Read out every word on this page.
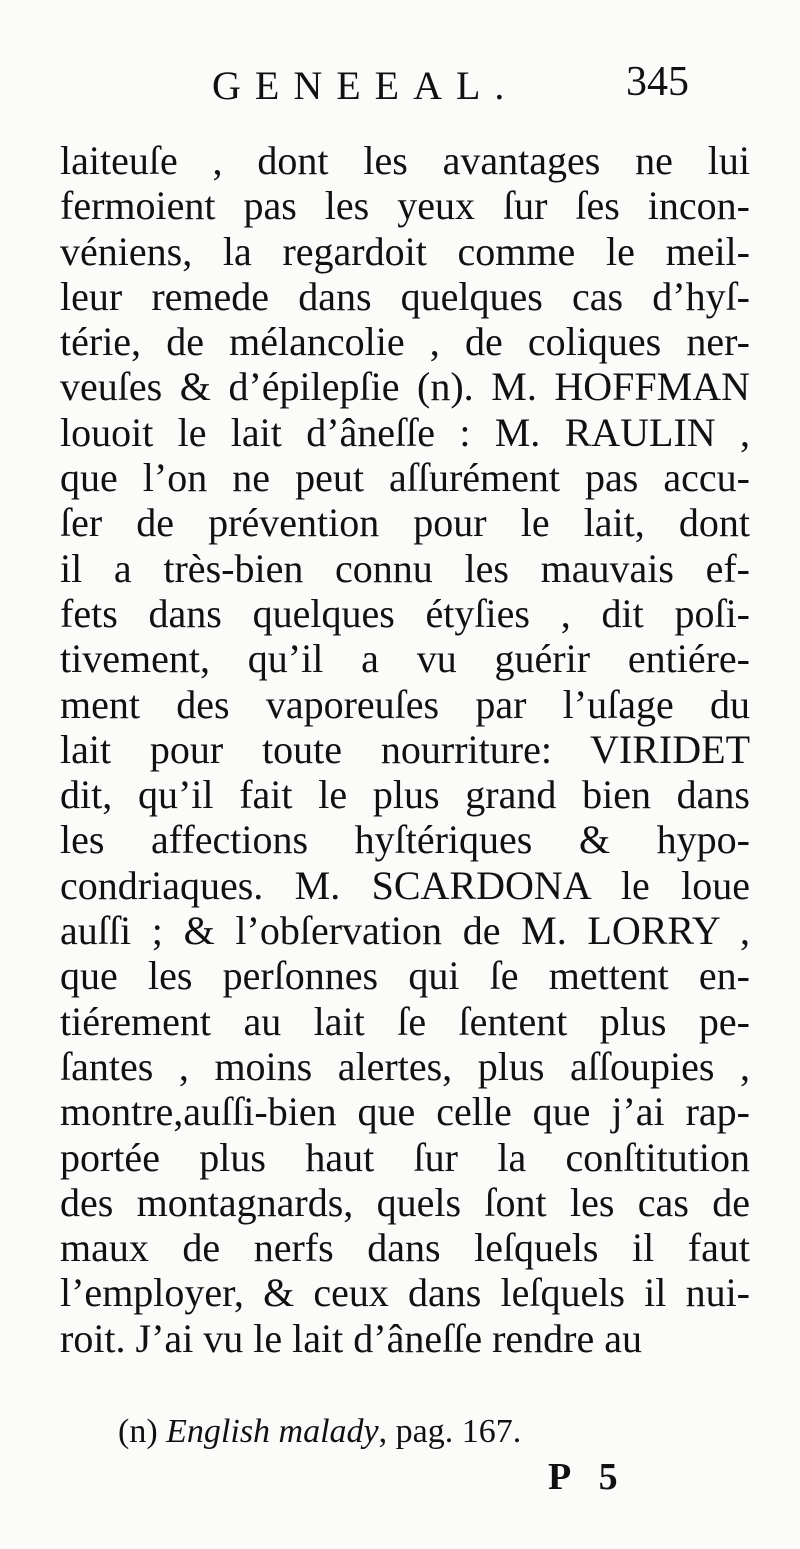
GENEEAL.	345
laiteuſe , dont les avantages ne lui
fermoient pas les yeux ſur ſes incon-
véniens, la regardoit comme le meil-
leur remede dans quelques cas d’hyſ-
térie, de mélancolie , de coliques ner-
veuſes & d’épilepſie (n). M. HOFFMAN
louoit le lait d’âneſſe : M. RAULIN ,
que l’on ne peut aſſurément pas accu-
ſer de prévention pour le lait, dont
il a très-bien connu les mauvais ef-
fets dans quelques étyſies , dit poſi-
tivement, qu’il a vu guérir entiére-
ment des vaporeuſes par l’uſage du
lait pour toute nourriture: VIRIDET
dit, qu’il fait le plus grand bien dans
les affections hyſtériques & hypo-
condriaques. M. SCARDONA le loue
auſſi ; & l’obſervation de M. LORRY ,
que les perſonnes qui ſe mettent en-
tiérement au lait ſe ſentent plus pe-
ſantes , moins alertes, plus aſſoupies ,
montre,auſſi-bien que celle que j’ai rap-
portée plus haut ſur la conſtitution
des montagnards, quels ſont les cas de
maux de nerfs dans leſquels il faut
l’employer, & ceux dans leſquels il nui-
roit. J’ai vu le lait d’âneſſe rendre au
(n) English malady, pag. 167.
P 5
